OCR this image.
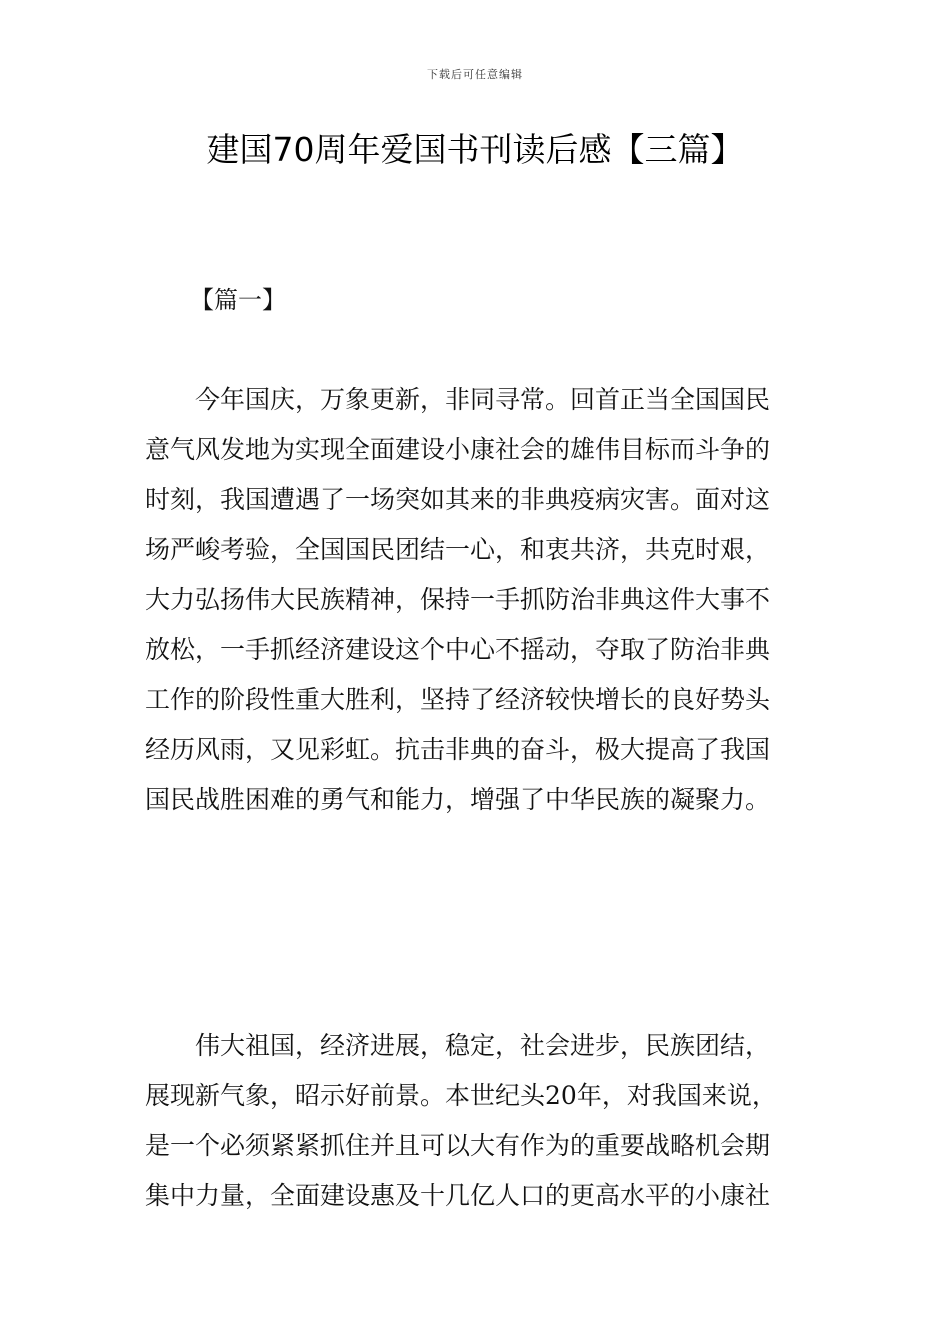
下载后可任意编辑
建国70周年爱国书刊读后感【三篇】
【篇一】
今年国庆，万象更新，非同寻常。回首正当全国国民
意气风发地为实现全面建设小康社会的雄伟目标而斗争的
时刻，我国遭遇了一场突如其来的非典疫病灾害。面对这
场严峻考验，全国国民团结一心，和衷共济，共克时艰，
大力弘扬伟大民族精神，保持一手抓防治非典这件大事不
放松，一手抓经济建设这个中心不摇动，夺取了防治非典
工作的阶段性重大胜利，坚持了经济较快增长的良好势头
经历风雨，又见彩虹。抗击非典的奋斗，极大提高了我国
国民战胜困难的勇气和能力，增强了中华民族的凝聚力。
伟大祖国，经济进展，稳定，社会进步，民族团结，
展现新气象，昭示好前景。本世纪头20年，对我国来说，
是一个必须紧紧抓住并且可以大有作为的重要战略机会期
集中力量，全面建设惠及十几亿人口的更高水平的小康社
